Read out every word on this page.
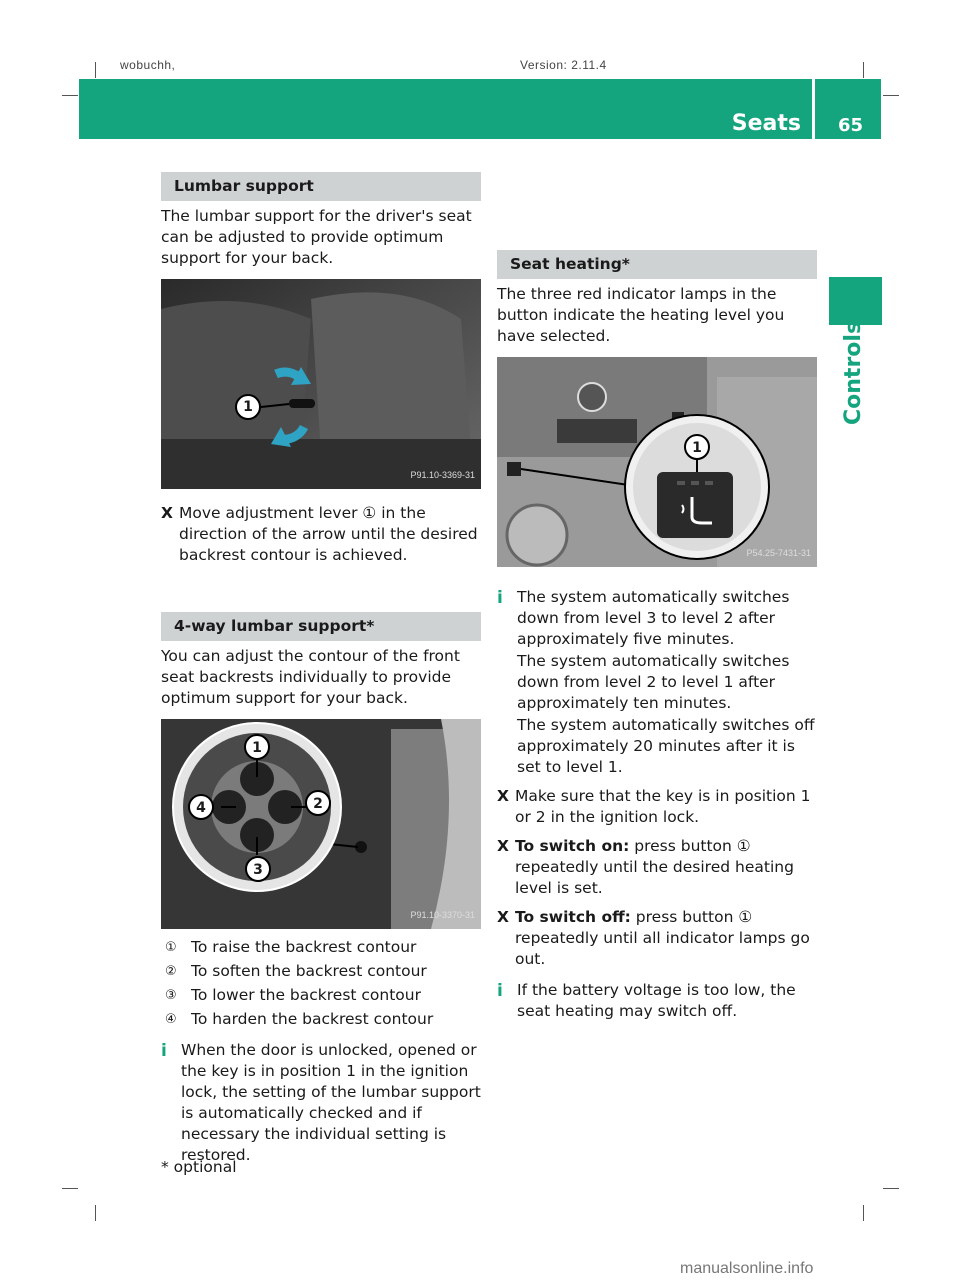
wobuchh,	Version: 2.11.4
Seats 65
Controls
Lumbar support

The lumbar support for the driver's seat can be adjusted to provide optimum support for your back.

1
P91.10-3369-31
X Move adjustment lever ① in the direction of the arrow until the desired backrest contour is achieved.
4-way lumbar support*

You can adjust the contour of the front seat backrests individually to provide optimum support for your back.

1
2
3
4
P91.10-3370-31
① To raise the backrest contour
② To soften the backrest contour
③ To lower the backrest contour
④ To harden the backrest contour
i When the door is unlocked, opened or the key is in position 1 in the ignition lock, the setting of the lumbar support is automatically checked and if necessary the individual setting is restored.

Seat heating*

The three red indicator lamps in the button indicate the heating level you have selected.

1
P54.25-7431-31
i The system automatically switches down from level 3 to level 2 after approximately five minutes.

The system automatically switches down from level 2 to level 1 after approximately ten minutes.

The system automatically switches off approximately 20 minutes after it is set to level 1.

X Make sure that the key is in position 1 or 2 in the ignition lock.
X To switch on: press button ① repeatedly until the desired heating level is set.
X To switch off: press button ① repeatedly until all indicator lamps go out.
i If the battery voltage is too low, the seat heating may switch off.

* optional
manualsonline.info
